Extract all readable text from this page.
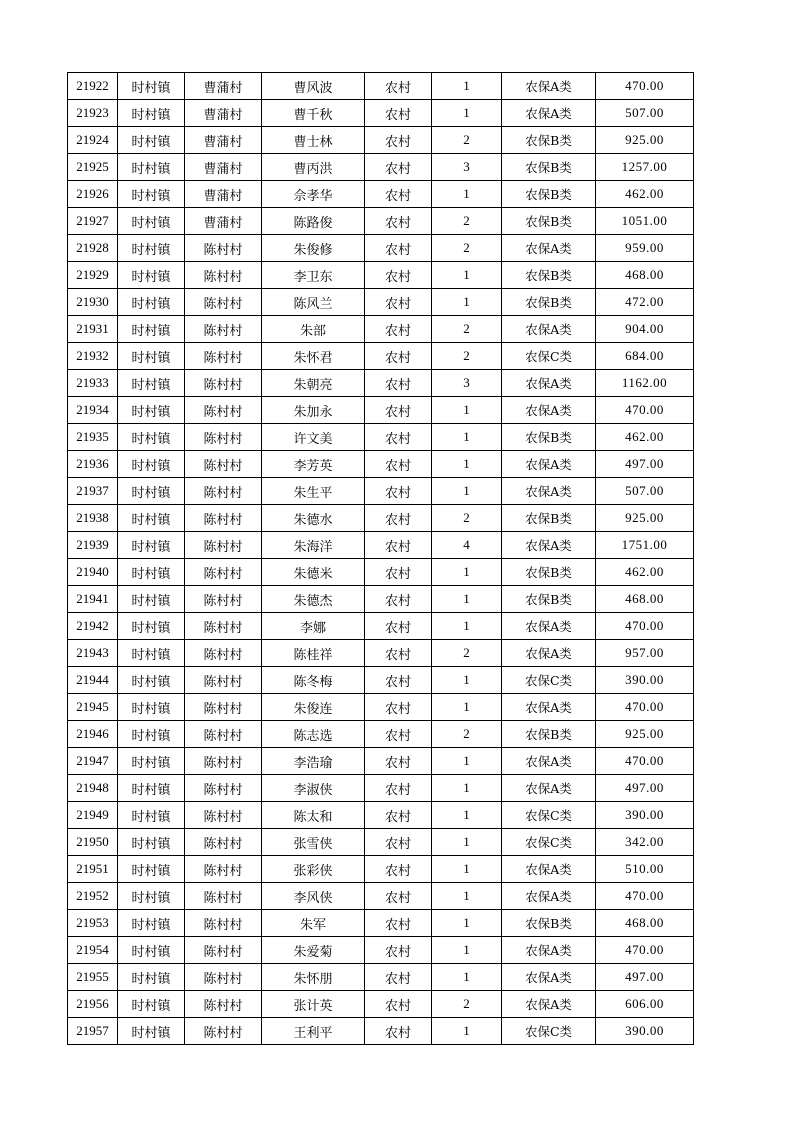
21922	时村镇	曹蒲村	曹风波	农村	1	农保A类	470.00
21923	时村镇	曹蒲村	曹千秋	农村	1	农保A类	507.00
21924	时村镇	曹蒲村	曹士林	农村	2	农保B类	925.00
21925	时村镇	曹蒲村	曹丙洪	农村	3	农保B类	1257.00
21926	时村镇	曹蒲村	佘孝华	农村	1	农保B类	462.00
21927	时村镇	曹蒲村	陈路俊	农村	2	农保B类	1051.00
21928	时村镇	陈村村	朱俊修	农村	2	农保A类	959.00
21929	时村镇	陈村村	李卫东	农村	1	农保B类	468.00
21930	时村镇	陈村村	陈风兰	农村	1	农保B类	472.00
21931	时村镇	陈村村	朱部	农村	2	农保A类	904.00
21932	时村镇	陈村村	朱怀君	农村	2	农保C类	684.00
21933	时村镇	陈村村	朱朝亮	农村	3	农保A类	1162.00
21934	时村镇	陈村村	朱加永	农村	1	农保A类	470.00
21935	时村镇	陈村村	许文美	农村	1	农保B类	462.00
21936	时村镇	陈村村	李芳英	农村	1	农保A类	497.00
21937	时村镇	陈村村	朱生平	农村	1	农保A类	507.00
21938	时村镇	陈村村	朱德水	农村	2	农保B类	925.00
21939	时村镇	陈村村	朱海洋	农村	4	农保A类	1751.00
21940	时村镇	陈村村	朱德米	农村	1	农保B类	462.00
21941	时村镇	陈村村	朱德杰	农村	1	农保B类	468.00
21942	时村镇	陈村村	李娜	农村	1	农保A类	470.00
21943	时村镇	陈村村	陈桂祥	农村	2	农保A类	957.00
21944	时村镇	陈村村	陈冬梅	农村	1	农保C类	390.00
21945	时村镇	陈村村	朱俊连	农村	1	农保A类	470.00
21946	时村镇	陈村村	陈志选	农村	2	农保B类	925.00
21947	时村镇	陈村村	李浩瑜	农村	1	农保A类	470.00
21948	时村镇	陈村村	李淑侠	农村	1	农保A类	497.00
21949	时村镇	陈村村	陈太和	农村	1	农保C类	390.00
21950	时村镇	陈村村	张雪侠	农村	1	农保C类	342.00
21951	时村镇	陈村村	张彩侠	农村	1	农保A类	510.00
21952	时村镇	陈村村	李风侠	农村	1	农保A类	470.00
21953	时村镇	陈村村	朱军	农村	1	农保B类	468.00
21954	时村镇	陈村村	朱爱菊	农村	1	农保A类	470.00
21955	时村镇	陈村村	朱怀朋	农村	1	农保A类	497.00
21956	时村镇	陈村村	张计英	农村	2	农保A类	606.00
21957	时村镇	陈村村	王利平	农村	1	农保C类	390.00
